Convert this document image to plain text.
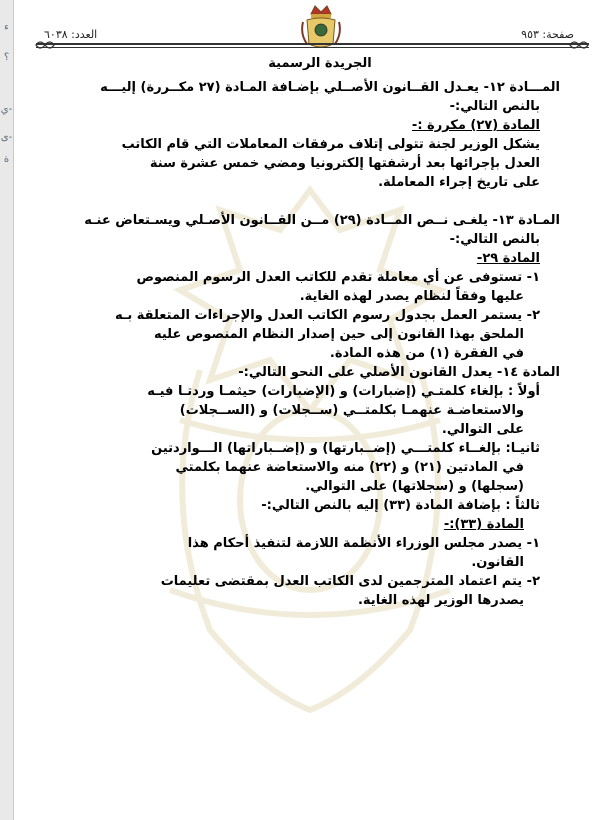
ء
؟
ي-
ى-
ة
صفحة: ٩٥٣
العدد: ٦٠٣٨
الجريدة الرسمية

المـــادة ١٢- يعـدل القــانون الأصــلي بإضـافة المـادة (٢٧ مكــررة) إليـــه
بالنص التالي:-
المادة (٢٧) مكررة :-
يشكل الوزير لجنة تتولى إتلاف مرفقات المعاملات التي قام الكاتب
العدل بإجرائها بعد أرشفتها إلكترونيا ومضي خمس عشرة سنة
على تاريخ إجراء المعاملة.

المـادة ١٣- يلغـى نــص المــادة (٢٩) مــن القــانون الأصـلي ويسـتعاض عنـه
بالنص التالي:-
المادة ٢٩-
١- تستوفى عن أي معاملة تقدم للكاتب العدل الرسوم المنصوص
عليها وفقاً لنظام يصدر لهذه الغاية.
٢- يستمر العمل بجدول رسوم الكاتب العدل والإجراءات المتعلقة بـه
الملحق بهذا القانون إلى حين إصدار النظام المنصوص عليه
في الفقرة (١) من هذه المادة.

المادة ١٤- يعدل القانون الأصلي على النحو التالي:-
أولاً : بإلغاء كلمتـي (إضبارات) و (الإضبارات) حيثمـا وردتـا فيـه
والاستعاضـة عنهمـا بكلمتــي (ســجلات) و (الســجلات)
على التوالي.
ثانيـا: بإلغــاء كلمتـــي (إضــبارتها) و (إضــباراتها) الـــواردتين
في المادتين (٢١) و (٢٢) منه والاستعاضة عنهما بكلمتي
(سجلها) و (سجلاتها) على التوالي.
ثالثاً : بإضافة المادة (٣٣) إليه بالنص التالي:-
المادة (٣٣):-
١- يصدر مجلس الوزراء الأنظمة اللازمة لتنفيذ أحكام هذا
القانون.
٢- يتم اعتماد المترجمين لدى الكاتب العدل بمقتضى تعليمات
يصدرها الوزير لهذه الغاية.
